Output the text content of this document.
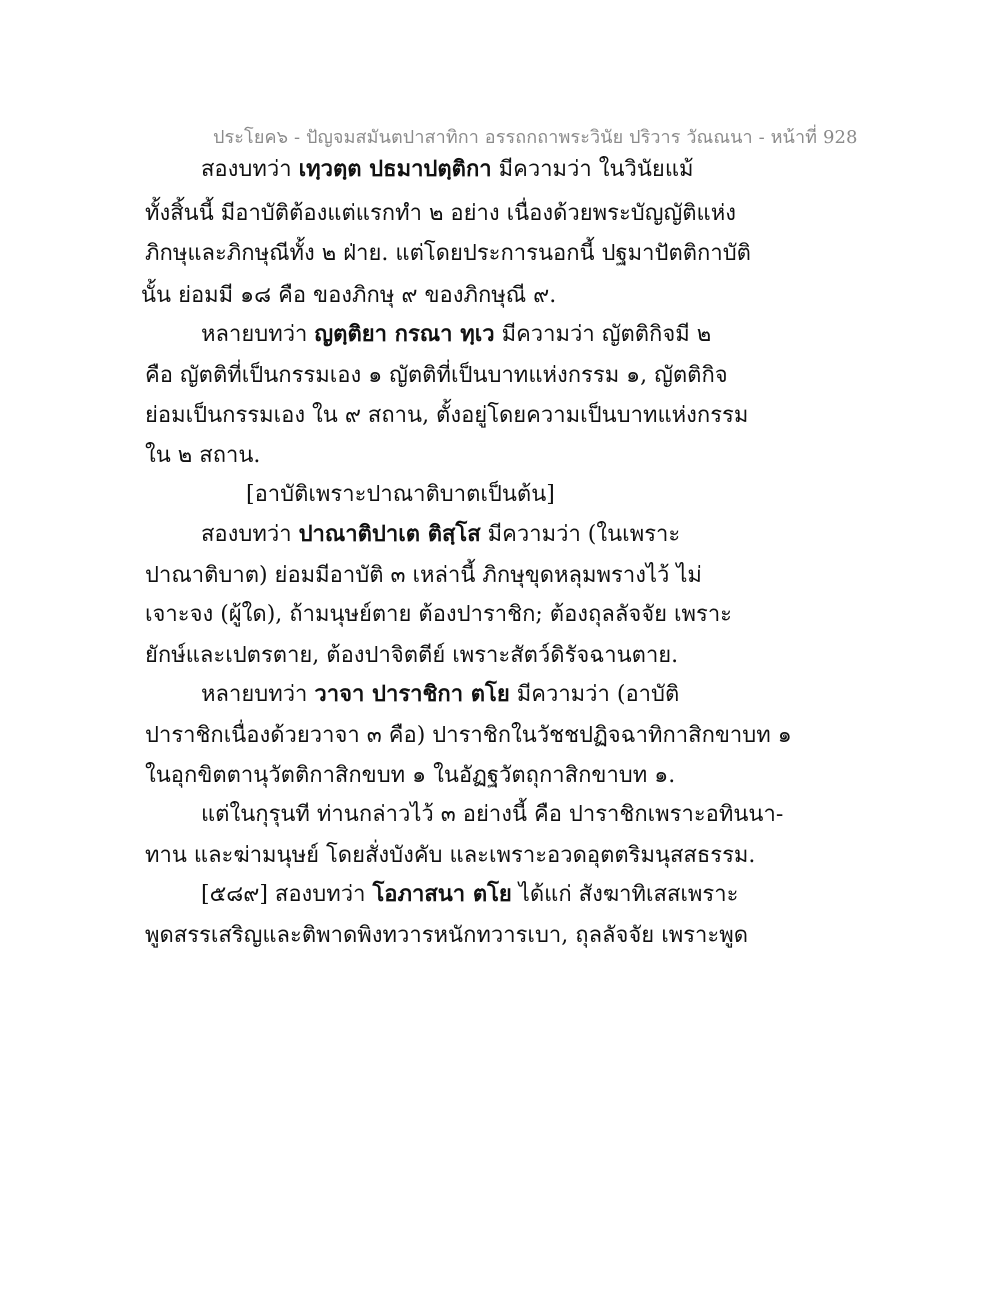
ประโยค๖ - ปัญจมสมันตปาสาทิกา อรรถกถาพระวินัย ปริวาร วัณณนา - หน้าที่ 928
สองบทว่า เทฺวตฺต ปธมาปตฺติกา มีความว่า ในวินัยแม้
ทั้งสิ้นนี้ มีอาบัติต้องแต่แรกทำ ๒ อย่าง เนื่องด้วยพระบัญญัติแห่ง
ภิกษุและภิกษุณีทั้ง ๒ ฝ่าย. แต่โดยประการนอกนี้ ปฐมาปัตติกาบัติ
นั้น ย่อมมี ๑๘ คือ ของภิกษุ ๙ ของภิกษุณี ๙.
หลายบทว่า ญตฺติยา กรณา ทฺเว มีความว่า ญัตติกิจมี ๒
คือ ญัตติที่เป็นกรรมเอง ๑ ญัตติที่เป็นบาทแห่งกรรม ๑, ญัตติกิจ
ย่อมเป็นกรรมเอง ใน ๙ สถาน, ตั้งอยู่โดยความเป็นบาทแห่งกรรม
ใน ๒ สถาน.
[อาบัติเพราะปาณาติบาตเป็นต้น]
สองบทว่า ปาณาติปาเต ติสฺโส มีความว่า (ในเพราะ
ปาณาติบาต) ย่อมมีอาบัติ ๓ เหล่านี้ ภิกษุขุดหลุมพรางไว้ ไม่
เจาะจง (ผู้ใด), ถ้ามนุษย์ตาย ต้องปาราชิก; ต้องถุลลัจจัย เพราะ
ยักษ์และเปตรตาย, ต้องปาจิตตีย์ เพราะสัตว์ดิรัจฉานตาย.
หลายบทว่า วาจา ปาราชิกา ตโย มีความว่า (อาบัติ
ปาราชิกเนื่องด้วยวาจา ๓ คือ) ปาราชิกในวัชชปฏิจฉาทิกาสิกขาบท ๑
ในอุกขิตตานุวัตติกาสิกขบท ๑ ในอัฏฐวัตถุกาสิกขาบท ๑.
แต่ในกุรุนที ท่านกล่าวไว้ ๓ อย่างนี้ คือ ปาราชิกเพราะอทินนา-
ทาน และฆ่ามนุษย์ โดยสั่งบังคับ และเพราะอวดอุตตริมนุสสธรรม.
[๕๘๙] สองบทว่า โอภาสนา ตโย ได้แก่ สังฆาทิเสสเพราะ
พูดสรรเสริญและติพาดพิงทวารหนักทวารเบา, ถุลลัจจัย เพราะพูด
